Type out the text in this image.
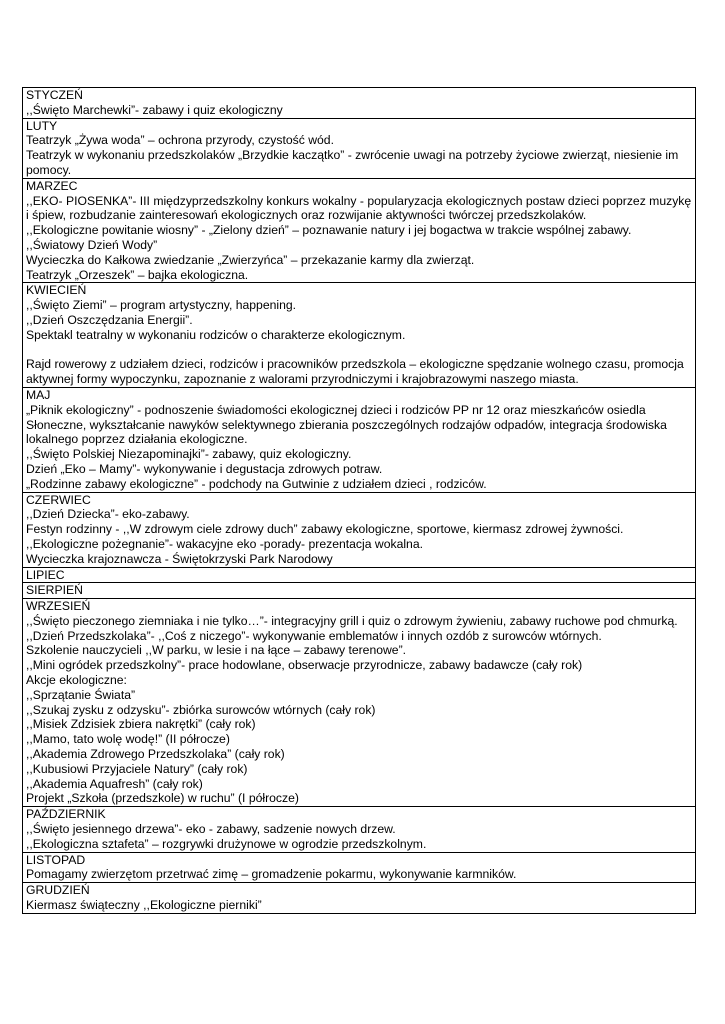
STYCZEŃ
,,Święto Marchewki”- zabawy i quiz ekologiczny
LUTY
Teatrzyk „Żywa woda” – ochrona przyrody, czystość wód.
Teatrzyk w wykonaniu przedszkolaków „Brzydkie kaczątko” - zwrócenie uwagi na potrzeby życiowe zwierząt, niesienie im
pomocy.
MARZEC
,,EKO- PIOSENKA”- III międzyprzedszkolny konkurs wokalny - popularyzacja ekologicznych postaw dzieci poprzez muzykę
i śpiew, rozbudzanie zainteresowań ekologicznych oraz rozwijanie aktywności twórczej przedszkolaków.
,,Ekologiczne powitanie wiosny” - „Zielony dzień” – poznawanie natury i jej bogactwa w trakcie wspólnej zabawy.
,,Światowy Dzień Wody”
Wycieczka do Kałkowa zwiedzanie „Zwierzyńca” – przekazanie karmy dla zwierząt.
Teatrzyk „Orzeszek” – bajka ekologiczna.
KWIECIEŃ
,,Święto Ziemi” – program artystyczny, happening.
,,Dzień Oszczędzania Energii”.
Spektakl teatralny w wykonaniu rodziców o charakterze ekologicznym.
Rajd rowerowy z udziałem dzieci, rodziców i pracowników przedszkola – ekologiczne spędzanie wolnego czasu, promocja
aktywnej formy wypoczynku, zapoznanie z walorami przyrodniczymi i krajobrazowymi naszego miasta.
MAJ
„Piknik ekologiczny” - podnoszenie świadomości ekologicznej dzieci i rodziców PP nr 12 oraz mieszkańców osiedla
Słoneczne, wykształcanie nawyków selektywnego zbierania poszczególnych rodzajów odpadów, integracja środowiska
lokalnego poprzez działania ekologiczne.
,,Święto Polskiej Niezapominajki”- zabawy, quiz ekologiczny.
Dzień „Eko – Mamy”- wykonywanie i degustacja zdrowych potraw.
„Rodzinne zabawy ekologiczne” - podchody na Gutwinie z udziałem dzieci , rodziców.
CZERWIEC
,,Dzień Dziecka”- eko-zabawy.
Festyn rodzinny - ,,W zdrowym ciele zdrowy duch” zabawy ekologiczne, sportowe, kiermasz zdrowej żywności.
,,Ekologiczne pożegnanie”- wakacyjne eko -porady- prezentacja wokalna.
Wycieczka krajoznawcza - Świętokrzyski Park Narodowy
LIPIEC
SIERPIEŃ
WRZESIEŃ
,,Święto pieczonego ziemniaka i nie tylko…”- integracyjny grill i quiz o zdrowym żywieniu, zabawy ruchowe pod chmurką.
,,Dzień Przedszkolaka”- ,,Coś z niczego”- wykonywanie emblematów i innych ozdób z surowców wtórnych.
Szkolenie nauczycieli ,,W parku, w lesie i na łące – zabawy terenowe”.
,,Mini ogródek przedszkolny”- prace hodowlane, obserwacje przyrodnicze, zabawy badawcze (cały rok)
Akcje ekologiczne:
,,Sprzątanie Świata”
,,Szukaj zysku z odzysku”- zbiórka surowców wtórnych (cały rok)
,,Misiek Zdzisiek zbiera nakrętki” (cały rok)
,,Mamo, tato wolę wodę!” (II półrocze)
,,Akademia Zdrowego Przedszkolaka” (cały rok)
,,Kubusiowi Przyjaciele Natury” (cały rok)
,,Akademia Aquafresh” (cały rok)
Projekt „Szkoła (przedszkole) w ruchu” (I półrocze)
PAŹDZIERNIK
,,Święto jesiennego drzewa”- eko - zabawy, sadzenie nowych drzew.
,,Ekologiczna sztafeta” – rozgrywki drużynowe w ogrodzie przedszkolnym.
LISTOPAD
Pomagamy zwierzętom przetrwać zimę – gromadzenie pokarmu, wykonywanie karmników.
GRUDZIEŃ
Kiermasz świąteczny ,,Ekologiczne pierniki”
